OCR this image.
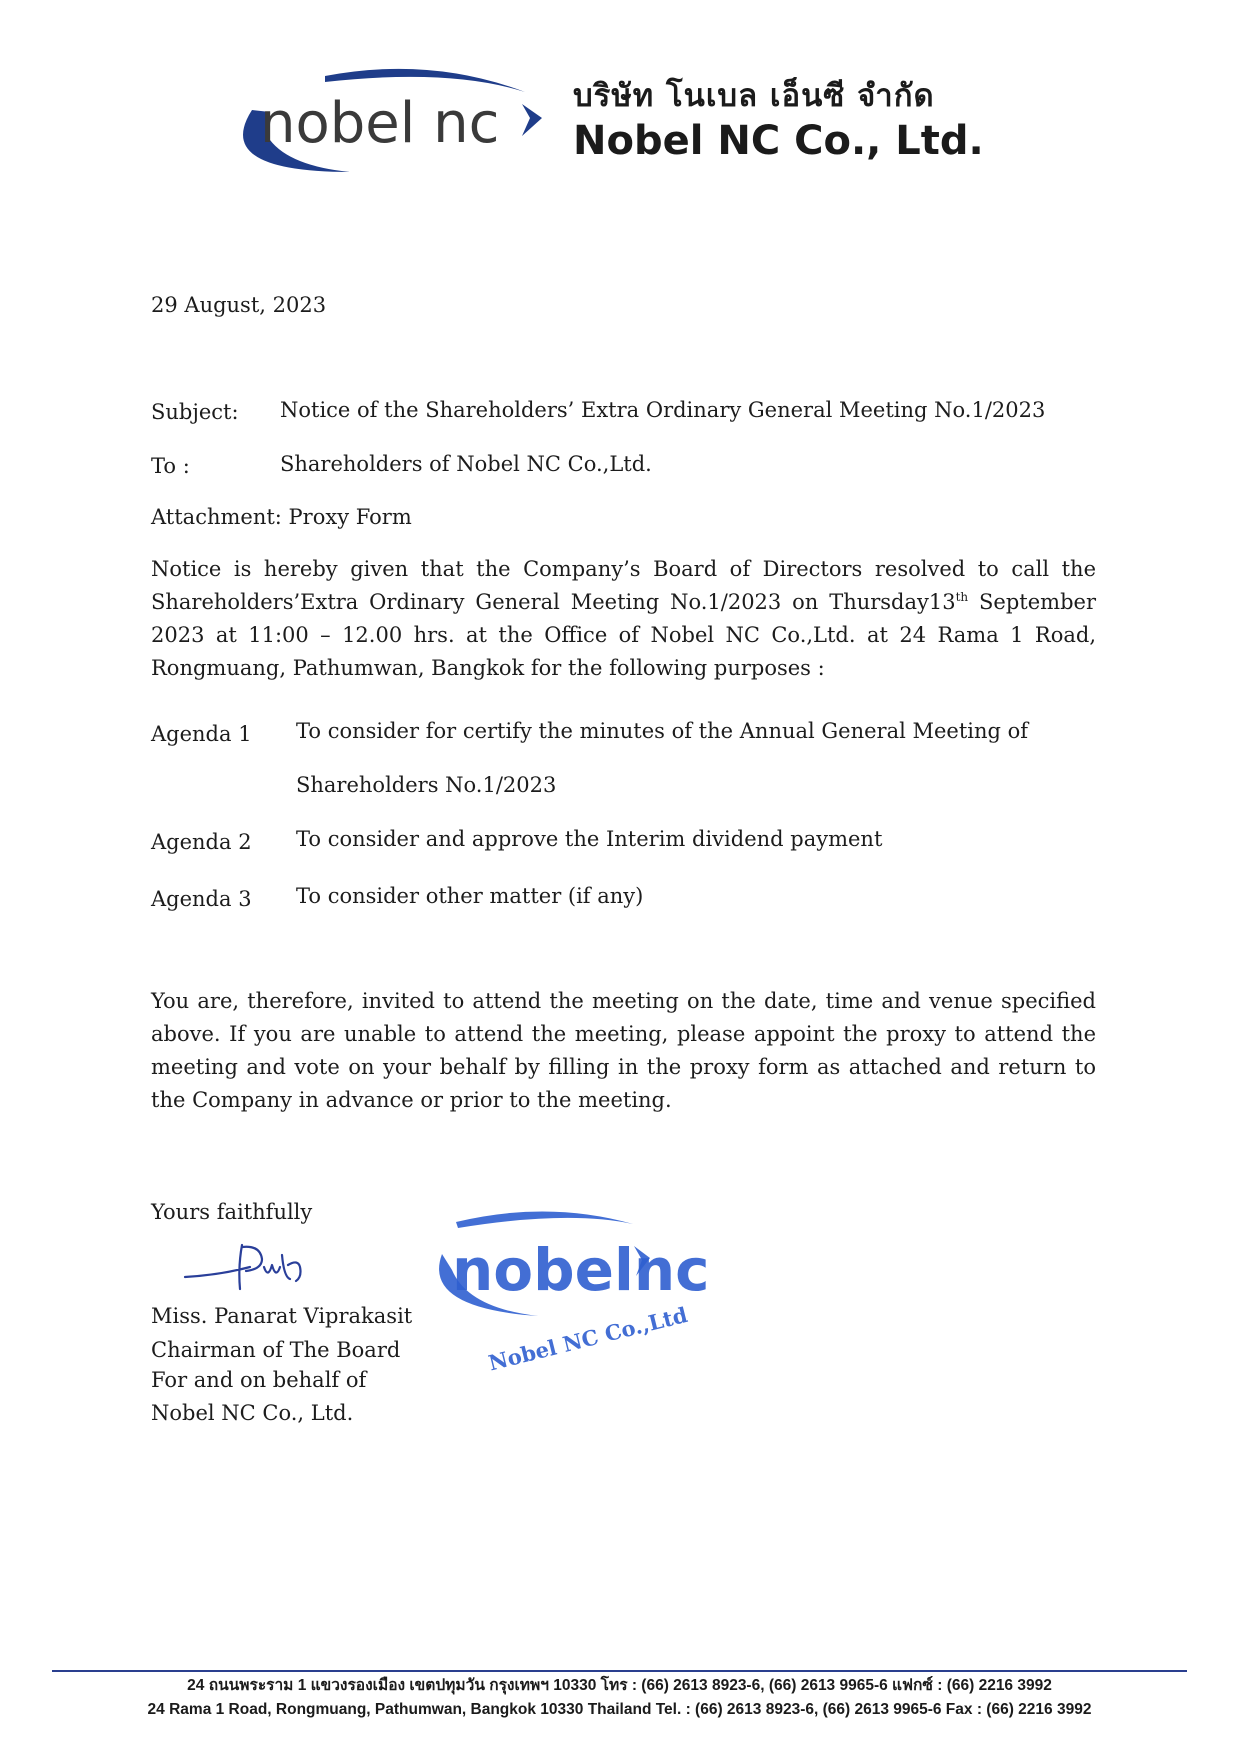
nobel nc บริษัท โนเบล เอ็นซี จำกัด
Nobel NC Co., Ltd.
29 August, 2023
Subject: Notice of the Shareholders’ Extra Ordinary General Meeting No.1/2023
To :	Shareholders of Nobel NC Co.,Ltd.
Attachment: Proxy Form
Notice is hereby given that the Company’s Board of Directors resolved to call the Shareholders’Extra Ordinary General Meeting No.1/2023 on Thursday13th September 2023 at 11:00 – 12.00 hrs. at the Office of Nobel NC Co.,Ltd. at 24 Rama 1 Road, Rongmuang, Pathumwan, Bangkok for the following purposes :
Agenda 1 To consider for certify the minutes of the Annual General Meeting of
Shareholders No.1/2023
Agenda 2 To consider and approve the Interim dividend payment
Agenda 3 To consider other matter (if any)
You are, therefore, invited to attend the meeting on the date, time and venue specified above. If you are unable to attend the meeting, please appoint the proxy to attend the meeting and vote on your behalf by filling in the proxy form as attached and return to the Company in advance or prior to the meeting.
Yours faithfully
Miss. Panarat Viprakasit
Chairman of The Board
For and on behalf of
Nobel NC Co., Ltd.
nobelnc
Nobel NC Co.,Ltd
24 ถนนพระราม 1 แขวงรองเมือง เขตปทุมวัน กรุงเทพฯ 10330 โทร : (66) 2613 8923-6, (66) 2613 9965-6 แฟกซ์ : (66) 2216 3992
24 Rama 1 Road, Rongmuang, Pathumwan, Bangkok 10330 Thailand Tel. : (66) 2613 8923-6, (66) 2613 9965-6 Fax : (66) 2216 3992
